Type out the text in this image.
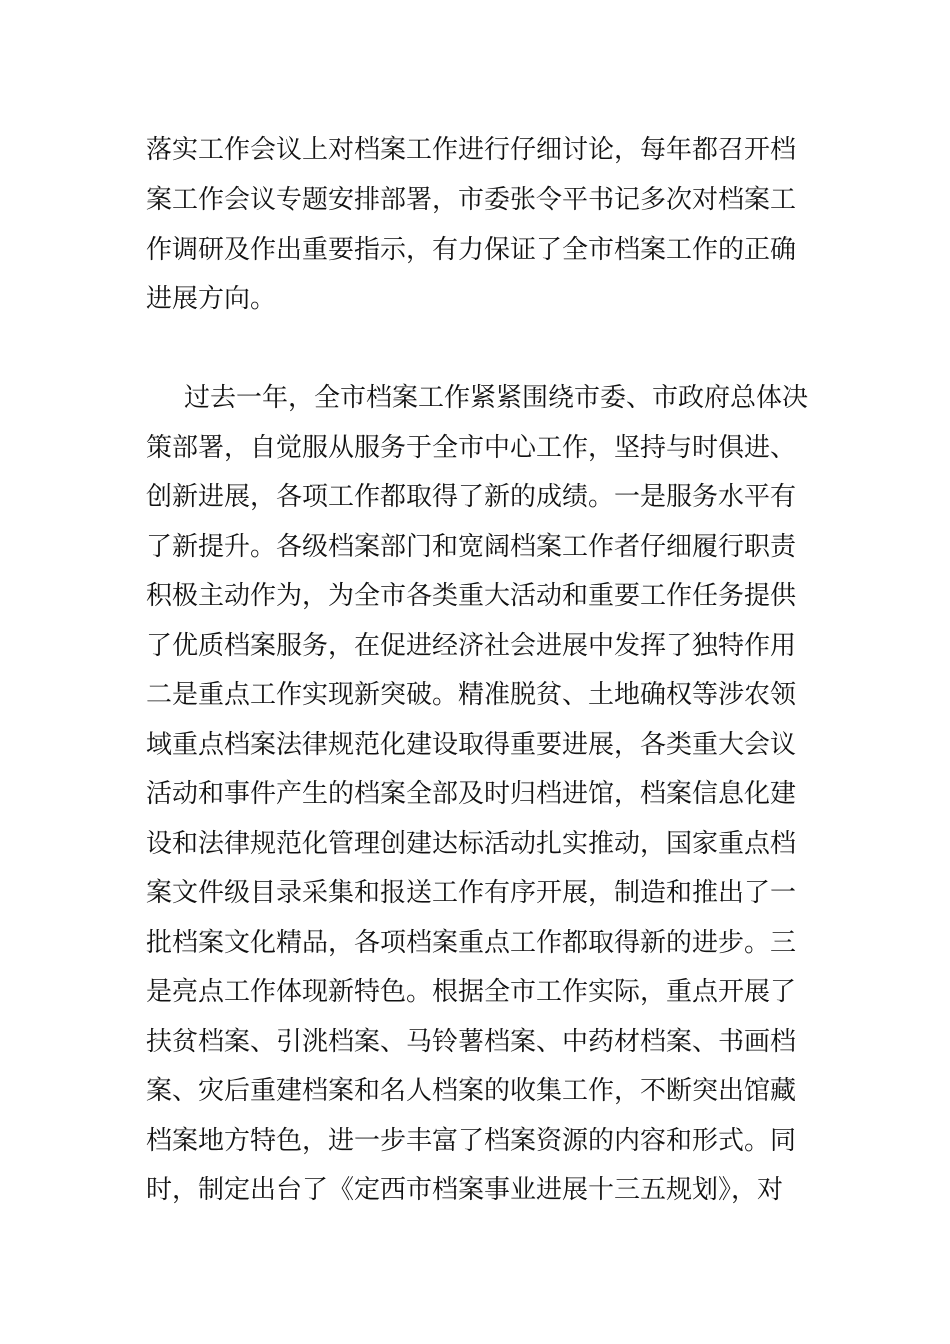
落实工作会议上对档案工作进行仔细讨论，每年都召开档
案工作会议专题安排部署，市委张令平书记多次对档案工
作调研及作出重要指示，有力保证了全市档案工作的正确
进展方向。
过去一年，全市档案工作紧紧围绕市委、市政府总体决
策部署，自觉服从服务于全市中心工作，坚持与时俱进、
创新进展，各项工作都取得了新的成绩。一是服务水平有
了新提升。各级档案部门和宽阔档案工作者仔细履行职责
积极主动作为，为全市各类重大活动和重要工作任务提供
了优质档案服务，在促进经济社会进展中发挥了独特作用
二是重点工作实现新突破。精准脱贫、土地确权等涉农领
域重点档案法律规范化建设取得重要进展，各类重大会议
活动和事件产生的档案全部及时归档进馆，档案信息化建
设和法律规范化管理创建达标活动扎实推动，国家重点档
案文件级目录采集和报送工作有序开展，制造和推出了一
批档案文化精品，各项档案重点工作都取得新的进步。三
是亮点工作体现新特色。根据全市工作实际，重点开展了
扶贫档案、引洮档案、马铃薯档案、中药材档案、书画档
案、灾后重建档案和名人档案的收集工作，不断突出馆藏
档案地方特色，进一步丰富了档案资源的内容和形式。同
时，制定出台了《定西市档案事业进展十三五规划》，对
